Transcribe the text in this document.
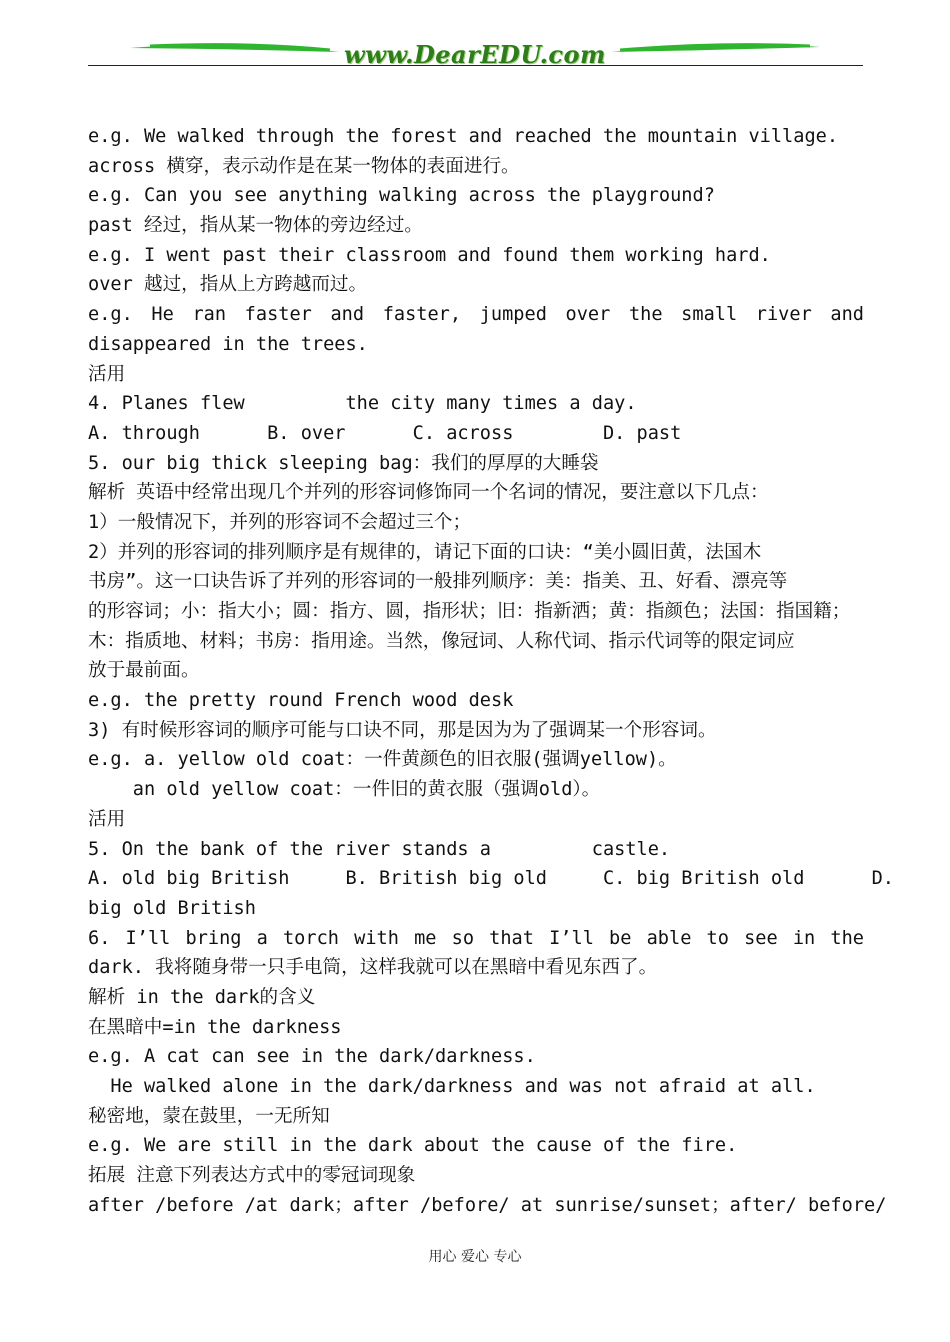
www.DearEDU.com
e.g. We walked through the forest and reached the mountain village.
across 横穿，表示动作是在某一物体的表面进行。
e.g. Can you see anything walking across the playground?
past 经过，指从某一物体的旁边经过。
e.g. I went past their classroom and found them working hard.
over 越过，指从上方跨越而过。
e.g. He ran faster and faster, jumped over the small river and
disappeared in the trees.
活用
4. Planes flew         the city many times a day.
A. through      B. over      C. across        D. past
5. our big thick sleeping bag：我们的厚厚的大睡袋
解析 英语中经常出现几个并列的形容词修饰同一个名词的情况，要注意以下几点：
1）一般情况下，并列的形容词不会超过三个；
2）并列的形容词的排列顺序是有规律的，请记下面的口诀：“美小圆旧黄，法国木
书房”。这一口诀告诉了并列的形容词的一般排列顺序：美：指美、丑、好看、漂亮等
的形容词；小：指大小；圆：指方、圆，指形状；旧：指新洒；黄：指颜色；法国：指国籍；
木：指质地、材料；书房：指用途。当然，像冠词、人称代词、指示代词等的限定词应
放于最前面。
e.g. the pretty round French wood desk
3) 有时候形容词的顺序可能与口诀不同，那是因为为了强调某一个形容词。
e.g. a. yellow old coat：一件黄颜色的旧衣服(强调yellow)。
an old yellow coat：一件旧的黄衣服（强调old）。
活用
5. On the bank of the river stands a         castle.
A. old big British     B. British big old     C. big British old      D.
big old British
6. I’ll bring a torch with me so that I’ll be able to see in the
dark. 我将随身带一只手电筒，这样我就可以在黑暗中看见东西了。
解析 in the dark的含义
在黑暗中=in the darkness
e.g. A cat can see in the dark/darkness.
He walked alone in the dark/darkness and was not afraid at all.
秘密地，蒙在鼓里，一无所知
e.g. We are still in the dark about the cause of the fire.
拓展 注意下列表达方式中的零冠词现象
after /before /at dark；after /before/ at sunrise/sunset；after/ before/
用心 爱心 专心
